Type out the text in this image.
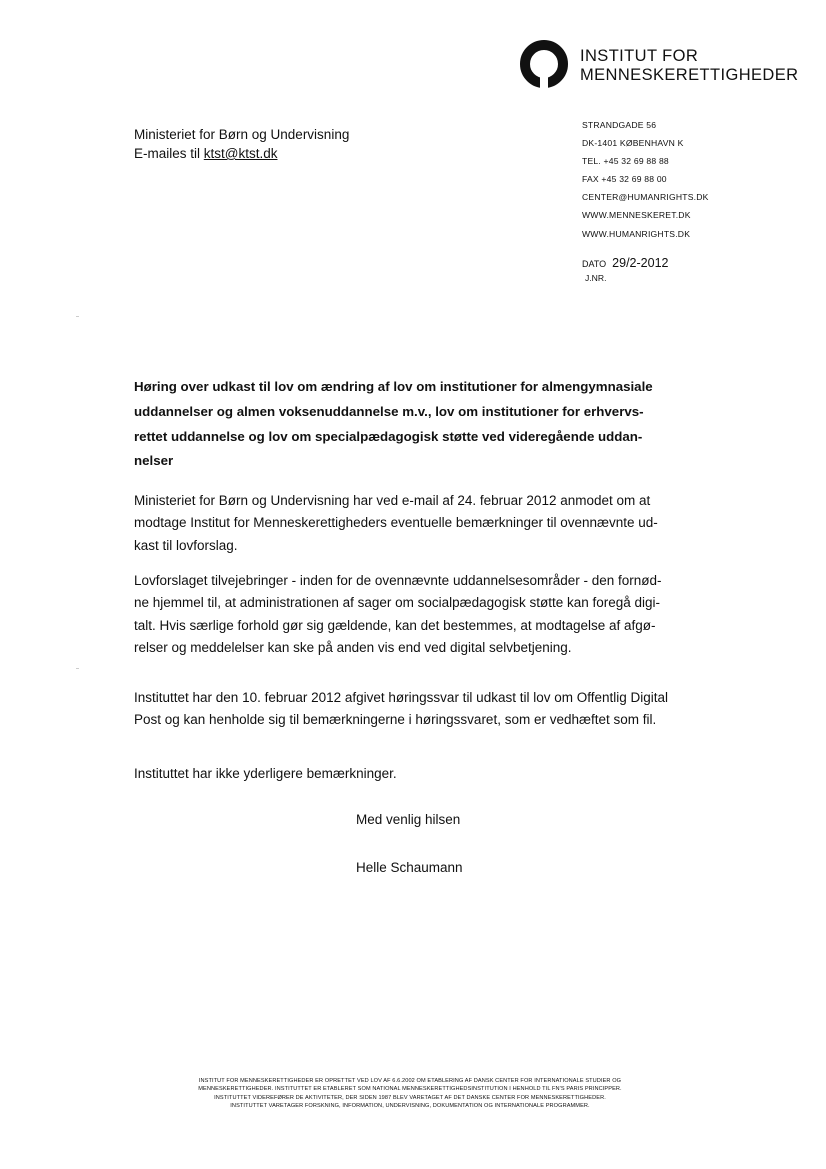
INSTITUT FOR
MENNESKERETTIGHEDER
STRANDGADE 56
DK-1401 KØBENHAVN K
TEL. +45 32 69 88 88
FAX +45 32 69 88 00
CENTER@HUMANRIGHTS.DK
WWW.MENNESKERET.DK
WWW.HUMANRIGHTS.DK
DATO 29/2-2012
J.NR.
Ministeriet for Børn og Undervisning
E-mailes til ktst@ktst.dk
Høring over udkast til lov om ændring af lov om institutioner for almengymnasiale
uddannelser og almen voksenuddannelse m.v., lov om institutioner for erhvervs-
rettet uddannelse og lov om specialpædagogisk støtte ved videregående uddan-
nelser
Ministeriet for Børn og Undervisning har ved e-mail af 24. februar 2012 anmodet om at
modtage Institut for Menneskerettigheders eventuelle bemærkninger til ovennævnte ud-
kast til lovforslag.
Lovforslaget tilvejebringer - inden for de ovennævnte uddannelsesområder - den fornød-
ne hjemmel til, at administrationen af sager om socialpædagogisk støtte kan foregå digi-
talt. Hvis særlige forhold gør sig gældende, kan det bestemmes, at modtagelse af afgø-
relser og meddelelser kan ske på anden vis end ved digital selvbetjening.
Instituttet har den 10. februar 2012 afgivet høringssvar til udkast til lov om Offentlig Digital
Post og kan henholde sig til bemærkningerne i høringssvaret, som er vedhæftet som fil.
Instituttet har ikke yderligere bemærkninger.
Med venlig hilsen
Helle Schaumann
INSTITUT FOR MENNESKERETTIGHEDER ER OPRETTET VED LOV AF 6.6.2002 OM ETABLERING AF DANSK CENTER FOR INTERNATIONALE STUDIER OG
MENNESKERETTIGHEDER. INSTITUTTET ER ETABLERET SOM NATIONAL MENNESKERETTIGHEDSINSTITUTION I HENHOLD TIL FN'S PARIS PRINCIPPER.
INSTITUTTET VIDEREFØRER DE AKTIVITETER, DER SIDEN 1987 BLEV VARETAGET AF DET DANSKE CENTER FOR MENNESKERETTIGHEDER.
INSTITUTTET VARETAGER FORSKNING, INFORMATION, UNDERVISNING, DOKUMENTATION OG INTERNATIONALE PROGRAMMER.
